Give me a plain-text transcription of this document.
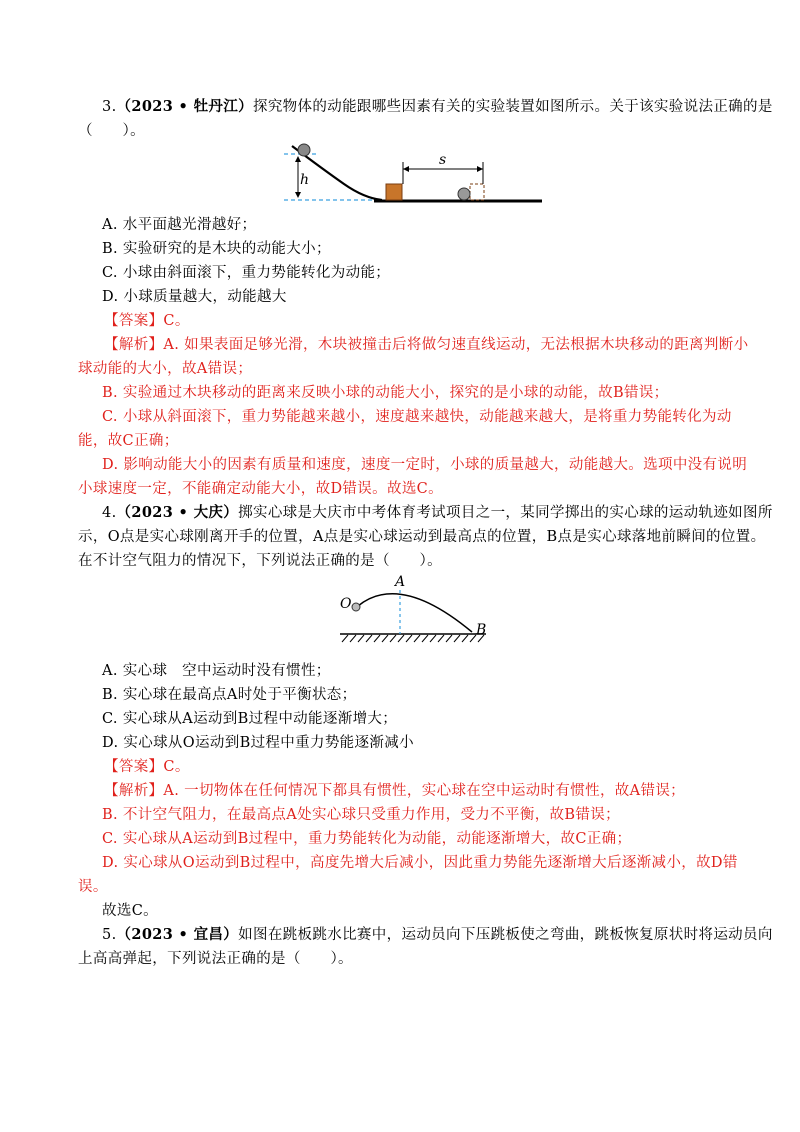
3.（2023 • 牡丹江）探究物体的动能跟哪些因素有关的实验装置如图所示。关于该实验说法正确的是
（　　）。
h
s
A. 水平面越光滑越好；
B. 实验研究的是木块的动能大小；
C. 小球由斜面滚下，重力势能转化为动能；
D. 小球质量越大，动能越大
【答案】C。
【解析】A. 如果表面足够光滑，木块被撞击后将做匀速直线运动，无法根据木块移动的距离判断小
球动能的大小，故A错误；
B. 实验通过木块移动的距离来反映小球的动能大小，探究的是小球的动能，故B错误；
C. 小球从斜面滚下，重力势能越来越小，速度越来越快，动能越来越大，是将重力势能转化为动
能，故C正确；
D. 影响动能大小的因素有质量和速度，速度一定时，小球的质量越大，动能越大。选项中没有说明
小球速度一定，不能确定动能大小，故D错误。故选C。
4.（2023 • 大庆）掷实心球是大庆市中考体育考试项目之一，某同学掷出的实心球的运动轨迹如图所
示，O点是实心球刚离开手的位置，A点是实心球运动到最高点的位置，B点是实心球落地前瞬间的位置。
在不计空气阻力的情况下，下列说法正确的是（　　）。
O
A
B
A. 实心球　空中运动时没有惯性；
B. 实心球在最高点A时处于平衡状态；
C. 实心球从A运动到B过程中动能逐渐增大；
D. 实心球从O运动到B过程中重力势能逐渐减小
【答案】C。
【解析】A. 一切物体在任何情况下都具有惯性，实心球在空中运动时有惯性，故A错误；
B. 不计空气阻力，在最高点A处实心球只受重力作用，受力不平衡，故B错误；
C. 实心球从A运动到B过程中，重力势能转化为动能，动能逐渐增大，故C正确；
D. 实心球从O运动到B过程中，高度先增大后减小，因此重力势能先逐渐增大后逐渐减小，故D错
误。
故选C。
5.（2023 • 宜昌）如图在跳板跳水比赛中，运动员向下压跳板使之弯曲，跳板恢复原状时将运动员向
上高高弹起，下列说法正确的是（　　）。
